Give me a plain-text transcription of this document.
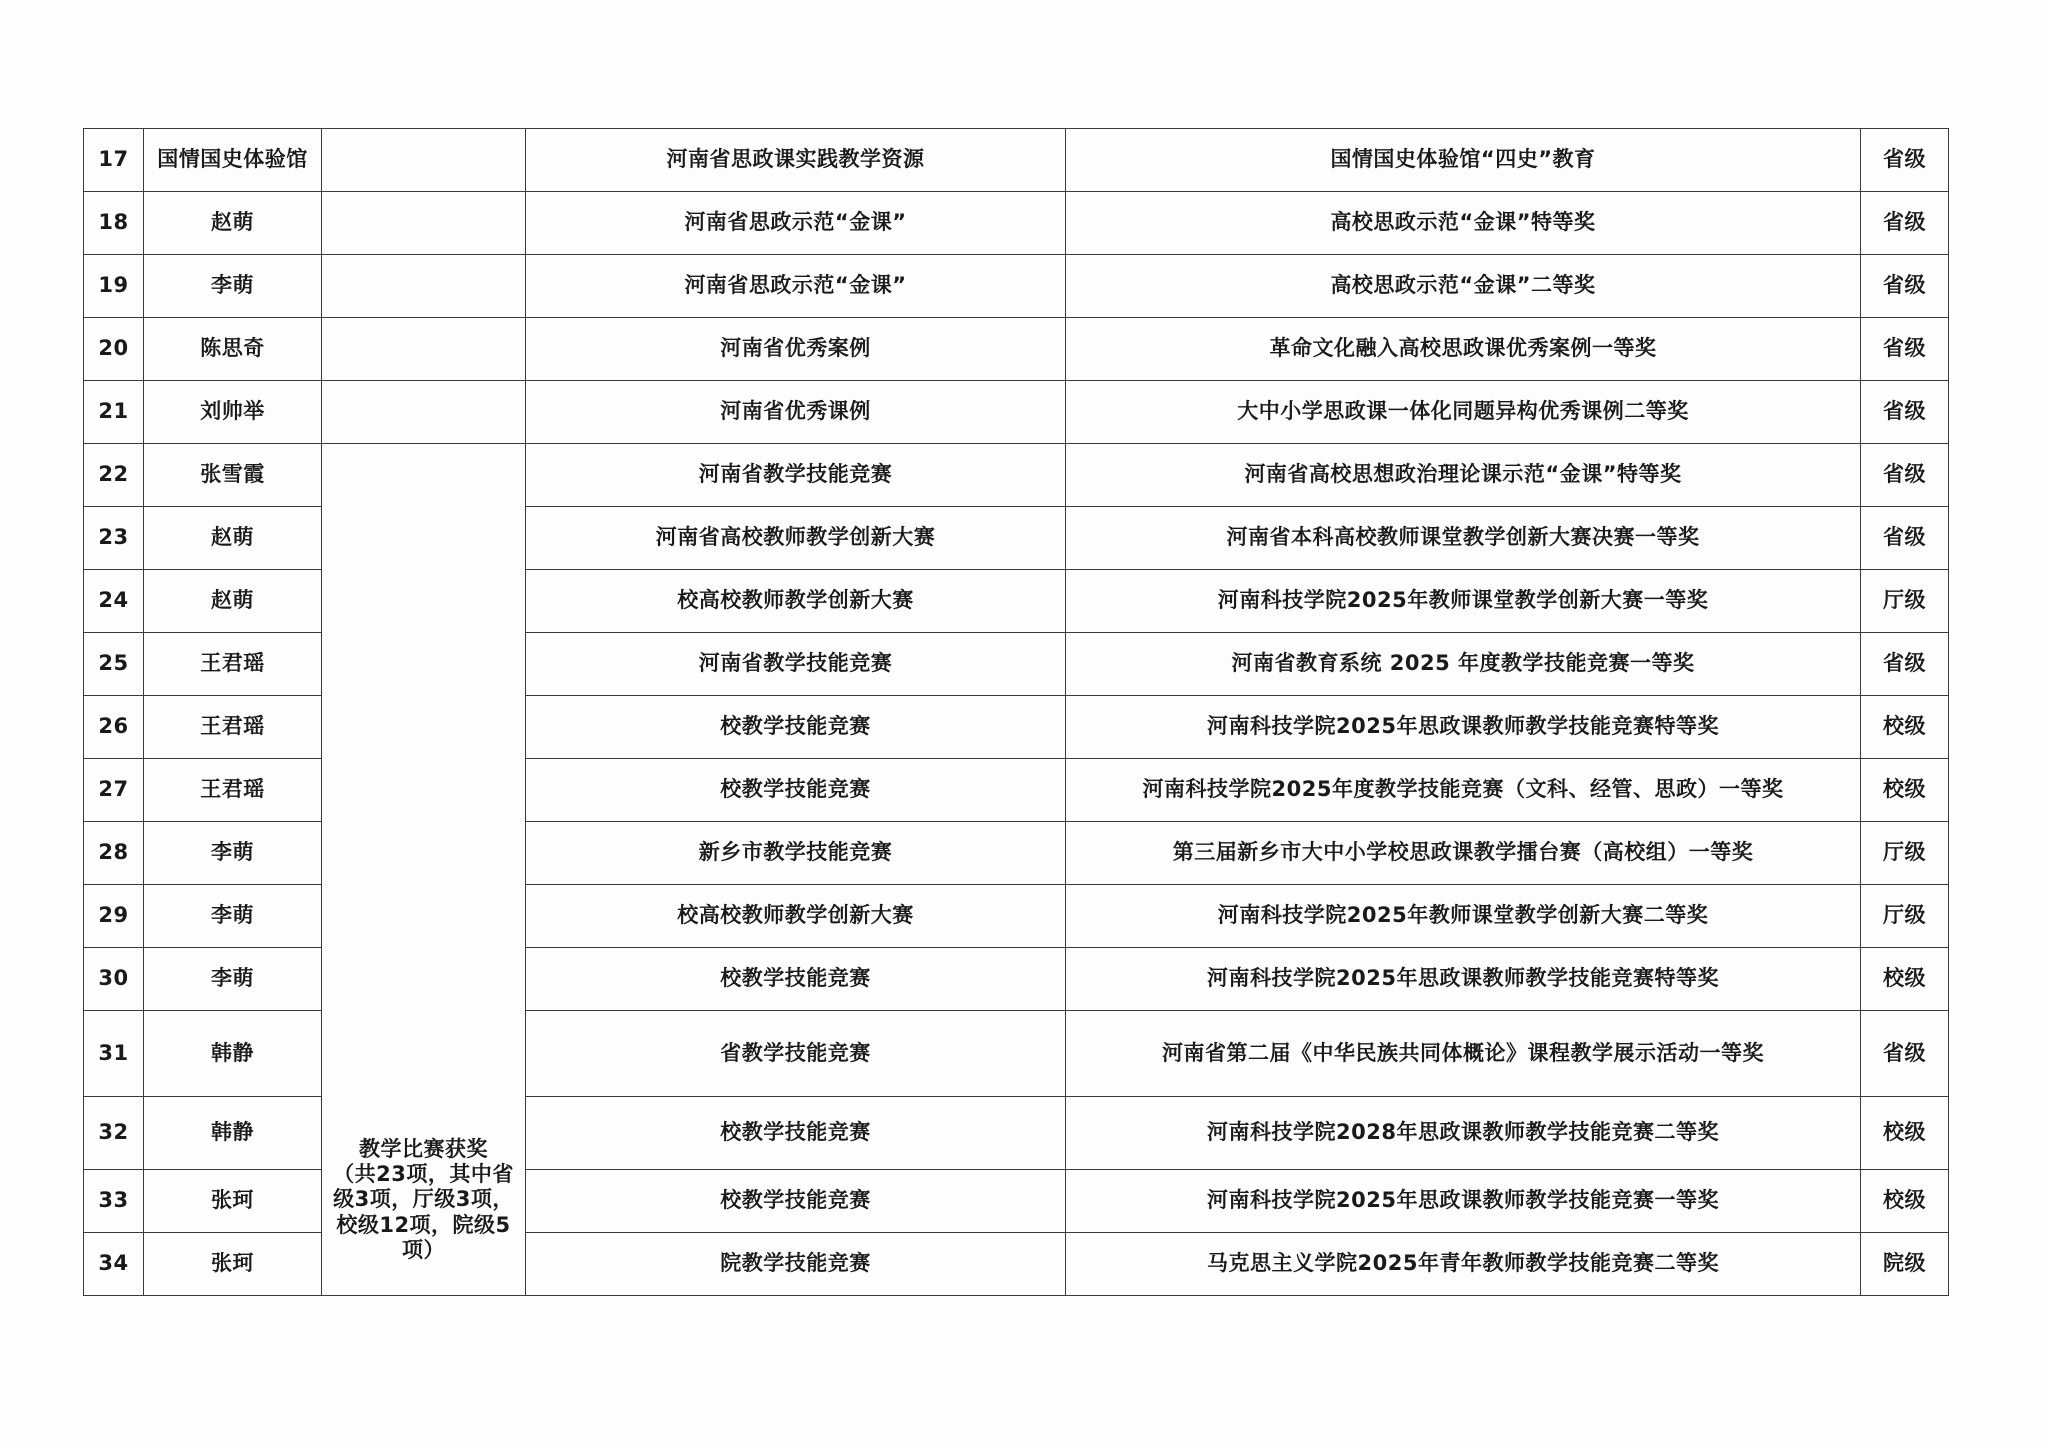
17	国情国史体验馆		河南省思政课实践教学资源	国情国史体验馆“四史”教育	省级
18	赵萌		河南省思政示范“金课”	高校思政示范“金课”特等奖	省级
19	李萌		河南省思政示范“金课”	高校思政示范“金课”二等奖	省级
20	陈思奇		河南省优秀案例	革命文化融入高校思政课优秀案例一等奖	省级
21	刘帅举		河南省优秀课例	大中小学思政课一体化同题异构优秀课例二等奖	省级
22	张雪霞	教学比赛获奖
（共23项，其中省
级3项，厅级3项，
校级12项，院级5
项）	河南省教学技能竞赛	河南省高校思想政治理论课示范“金课”特等奖	省级
23	赵萌		河南省高校教师教学创新大赛	河南省本科高校教师课堂教学创新大赛决赛一等奖	省级
24	赵萌		校高校教师教学创新大赛	河南科技学院2025年教师课堂教学创新大赛一等奖	厅级
25	王君瑶		河南省教学技能竞赛	河南省教育系统 2025 年度教学技能竞赛一等奖	省级
26	王君瑶		校教学技能竞赛	河南科技学院2025年思政课教师教学技能竞赛特等奖	校级
27	王君瑶		校教学技能竞赛	河南科技学院2025年度教学技能竞赛（文科、经管、思政）一等奖	校级
28	李萌		新乡市教学技能竞赛	第三届新乡市大中小学校思政课教学擂台赛（高校组）一等奖	厅级
29	李萌		校高校教师教学创新大赛	河南科技学院2025年教师课堂教学创新大赛二等奖	厅级
30	李萌		校教学技能竞赛	河南科技学院2025年思政课教师教学技能竞赛特等奖	校级
31	韩静		省教学技能竞赛	河南省第二届《中华民族共同体概论》课程教学展示活动一等奖	省级
32	韩静		校教学技能竞赛	河南科技学院2028年思政课教师教学技能竞赛二等奖	校级
33	张珂		校教学技能竞赛	河南科技学院2025年思政课教师教学技能竞赛一等奖	校级
34	张珂		院教学技能竞赛	马克思主义学院2025年青年教师教学技能竞赛二等奖	院级
